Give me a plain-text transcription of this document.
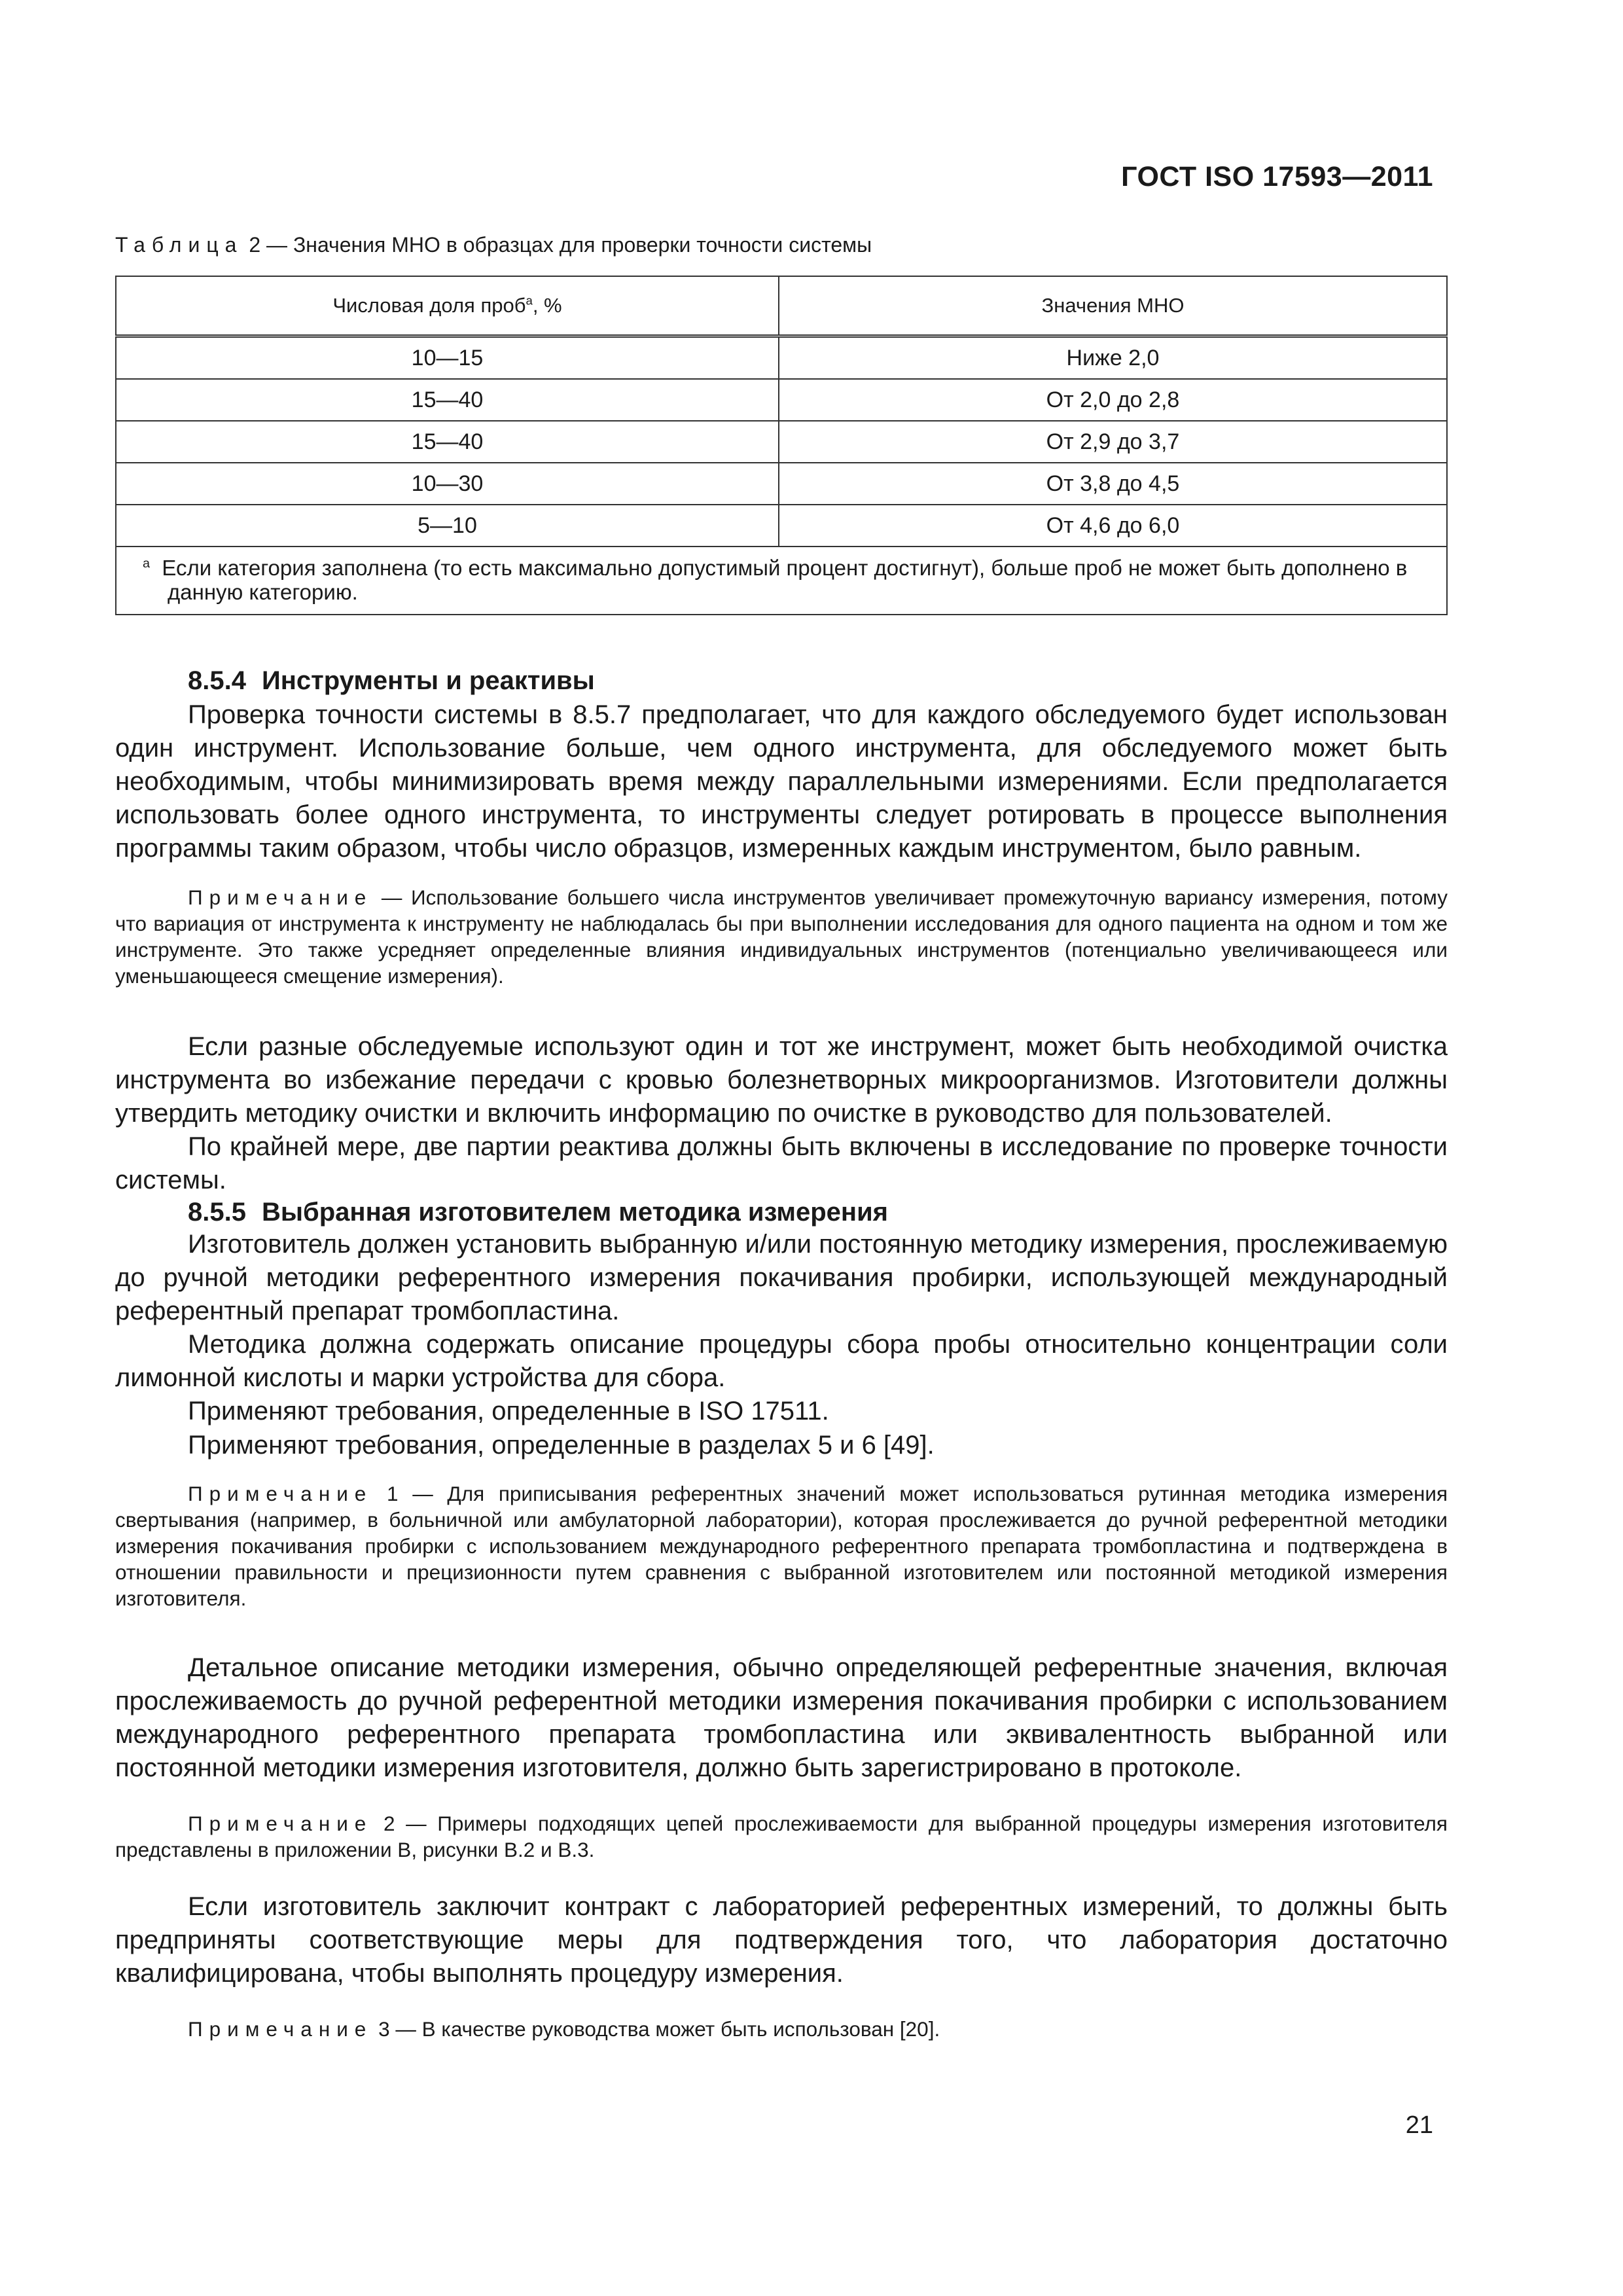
ГОСТ ISO 17593—2011
Таблица 2 — Значения МНО в образцах для проверки точности системы
Числовая доля проб$^a$, %	Значения МНО
10—15	Ниже 2,0
15—40	От 2,0 до 2,8
15—40	От 2,9 до 3,7
10—30	От 3,8 до 4,5
5—10	От 4,6 до 6,0
$^a$ Если категория заполнена (то есть максимально допустимый процент достигнут), больше проб не может быть дополнено в данную категорию.	
8.5.4 Инструменты и реактивы

Проверка точности системы в 8.5.7 предполагает, что для каждого обследуемого будет использован один инструмент. Использование больше, чем одного инструмента, для обследуемого может быть необходимым, чтобы минимизировать время между параллельными измерениями. Если предполагается использовать более одного инструмента, то инструменты следует ротировать в процессе выполнения программы таким образом, чтобы число образцов, измеренных каждым инструментом, было равным.

Примечание — Использование большего числа инструментов увеличивает промежуточную варианcу измерения, потому что вариация от инструмента к инструменту не наблюдалась бы при выполнении исследования для одного пациента на одном и том же инструменте. Это также усредняет определенные влияния индивидуальных инструментов (потенциально увеличивающееся или уменьшающееся смещение измерения).

Если разные обследуемые используют один и тот же инструмент, может быть необходимой очистка инструмента во избежание передачи с кровью болезнетворных микроорганизмов. Изготовители должны утвердить методику очистки и включить информацию по очистке в руководство для пользователей.

По крайней мере, две партии реактива должны быть включены в исследование по проверке точности системы.

8.5.5 Выбранная изготовителем методика измерения

Изготовитель должен установить выбранную и/или постоянную методику измерения, прослеживаемую до ручной методики референтного измерения покачивания пробирки, использующей международный референтный препарат тромбопластина.

Методика должна содержать описание процедуры сбора пробы относительно концентрации соли лимонной кислоты и марки устройства для сбора.

Применяют требования, определенные в ISO 17511.

Применяют требования, определенные в разделах 5 и 6 [49].

Примечание 1 — Для приписывания референтных значений может использоваться рутинная методика измерения свертывания (например, в больничной или амбулаторной лаборатории), которая прослеживается до ручной референтной методики измерения покачивания пробирки с использованием международного референтного препарата тромбопластина и подтверждена в отношении правильности и прецизионности путем сравнения с выбранной изготовителем или постоянной методикой измерения изготовителя.

Детальное описание методики измерения, обычно определяющей референтные значения, включая прослеживаемость до ручной референтной методики измерения покачивания пробирки с использованием международного референтного препарата тромбопластина или эквивалентность выбранной или постоянной методики измерения изготовителя, должно быть зарегистрировано в протоколе.

Примечание 2 — Примеры подходящих цепей прослеживаемости для выбранной процедуры измерения изготовителя представлены в приложении В, рисунки В.2 и В.3.

Если изготовитель заключит контракт с лабораторией референтных измерений, то должны быть предприняты соответствующие меры для подтверждения того, что лаборатория достаточно квалифицирована, чтобы выполнять процедуру измерения.

Примечание 3 — В качестве руководства может быть использован [20].

21
